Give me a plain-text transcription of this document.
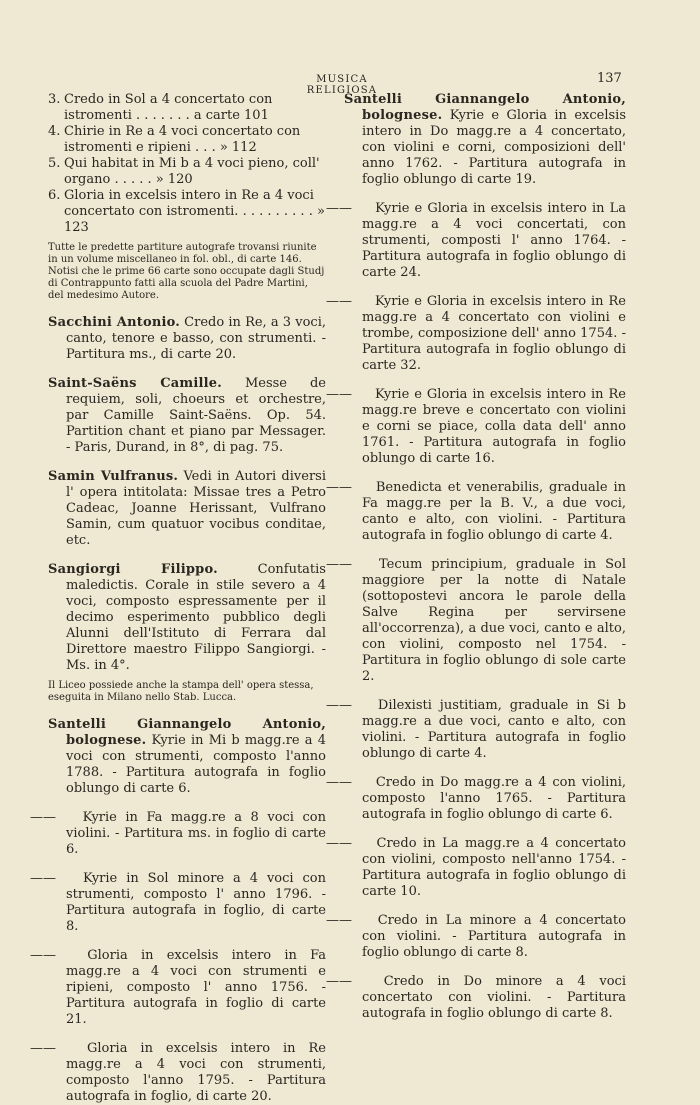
MUSICA RELIGIOSA
137
3. Credo in Sol a 4 concertato con istromenti . . . . . . . a carte 101
4. Chirie in Re a 4 voci concertato con istromenti e ripieni . . . » 112
5. Qui habitat in Mi b a 4 voci pieno, coll' organo . . . . . » 120
6. Gloria in excelsis intero in Re a 4 voci concertato con istromenti. . . . . . . . . . » 123
Tutte le predette partiture autografe trovansi riunite in un volume miscellaneo in fol. obl., di carte 146. Notisi che le prime 66 carte sono occupate dagli Studj di Contrappunto fatti alla scuola del Padre Martini, del medesimo Autore.
Sacchini Antonio. Credo in Re, a 3 voci, canto, tenore e basso, con strumenti. - Partitura ms., di carte 20.
Saint-Saëns Camille. Messe de requiem, soli, choeurs et orchestre, par Camille Saint-Saëns. Op. 54. Partition chant et piano par Messager. - Paris, Durand, in 8°, di pag. 75.
Samin Vulfranus. Vedi in Autori diversi l' opera intitolata: Missae tres a Petro Cadeac, Joanne Herissant, Vulfrano Samin, cum quatuor vocibus conditae, etc.
Sangiorgi Filippo.	Confutatis maledictis. Corale in stile severo a 4 voci, composto espressamente per il decimo esperimento pubblico degli Alunni dell'Istituto di Ferrara dal Direttore maestro Filippo Sangiorgi. - Ms. in 4°.
Il Liceo possiede anche la stampa dell' opera stessa, eseguita in Milano nello Stab. Lucca.
Santelli Giannangelo Antonio, bolognese. Kyrie in Mi b magg.re a 4 voci con strumenti, composto l'anno 1788. - Partitura autografa in foglio oblungo di carte 6.
—— Kyrie in Fa magg.re a 8 voci con violini. - Partitura ms. in foglio di carte 6.
—— Kyrie in Sol minore a 4 voci con strumenti, composto l' anno 1796. - Partitura autografa in foglio, di carte 8.
—— Gloria in excelsis intero in Fa magg.re a 4 voci con strumenti e ripieni, composto l' anno 1756. - Partitura autografa in foglio di carte 21.
—— Gloria in excelsis intero in Re magg.re a 4 voci con strumenti, composto l'anno 1795. - Partitura autografa in foglio, di carte 20.
Santelli Giannangelo Antonio, bolognese. Kyrie e Gloria in excelsis intero in Do magg.re a 4 concertato, con violini e corni, composizioni dell' anno 1762. - Partitura autografa in foglio oblungo di carte 19.
—— Kyrie e Gloria in excelsis intero in La magg.re a 4 voci concertati, con strumenti, composti l' anno 1764. - Partitura autografa in foglio oblungo di carte 24.
—— Kyrie e Gloria in excelsis intero in Re magg.re a 4 concertato con violini e trombe, composizione dell' anno 1754. - Partitura autografa in foglio oblungo di carte 32.
—— Kyrie e Gloria in excelsis intero in Re magg.re breve e concertato con violini e corni se piace, colla data dell' anno 1761. - Partitura autografa in foglio oblungo di carte 16.
—— Benedicta et venerabilis, graduale in Fa magg.re per la B. V., a due voci, canto e alto, con violini. - Partitura autografa in foglio oblungo di carte 4.
—— Tecum principium, graduale in Sol maggiore per la notte di Natale (sottopostevi ancora le parole della Salve Regina per servirsene all'occorrenza), a due voci, canto e alto, con violini, composto nel 1754. - Partitura in foglio oblungo di sole carte 2.
—— Dilexisti justitiam, graduale in Si b magg.re a due voci, canto e alto, con violini. - Partitura autografa in foglio oblungo di carte 4.
—— Credo in Do magg.re a 4 con violini, composto l'anno 1765. - Partitura autografa in foglio oblungo di carte 6.
—— Credo in La magg.re a 4 concertato con violini, composto nell'anno 1754. - Partitura autografa in foglio oblungo di carte 10.
—— Credo in La minore a 4 concertato con violini. - Partitura autografa in foglio oblungo di carte 8.
—— Credo in Do minore a 4 voci concertato con violini. - Partitura autografa in foglio oblungo di carte 8.
